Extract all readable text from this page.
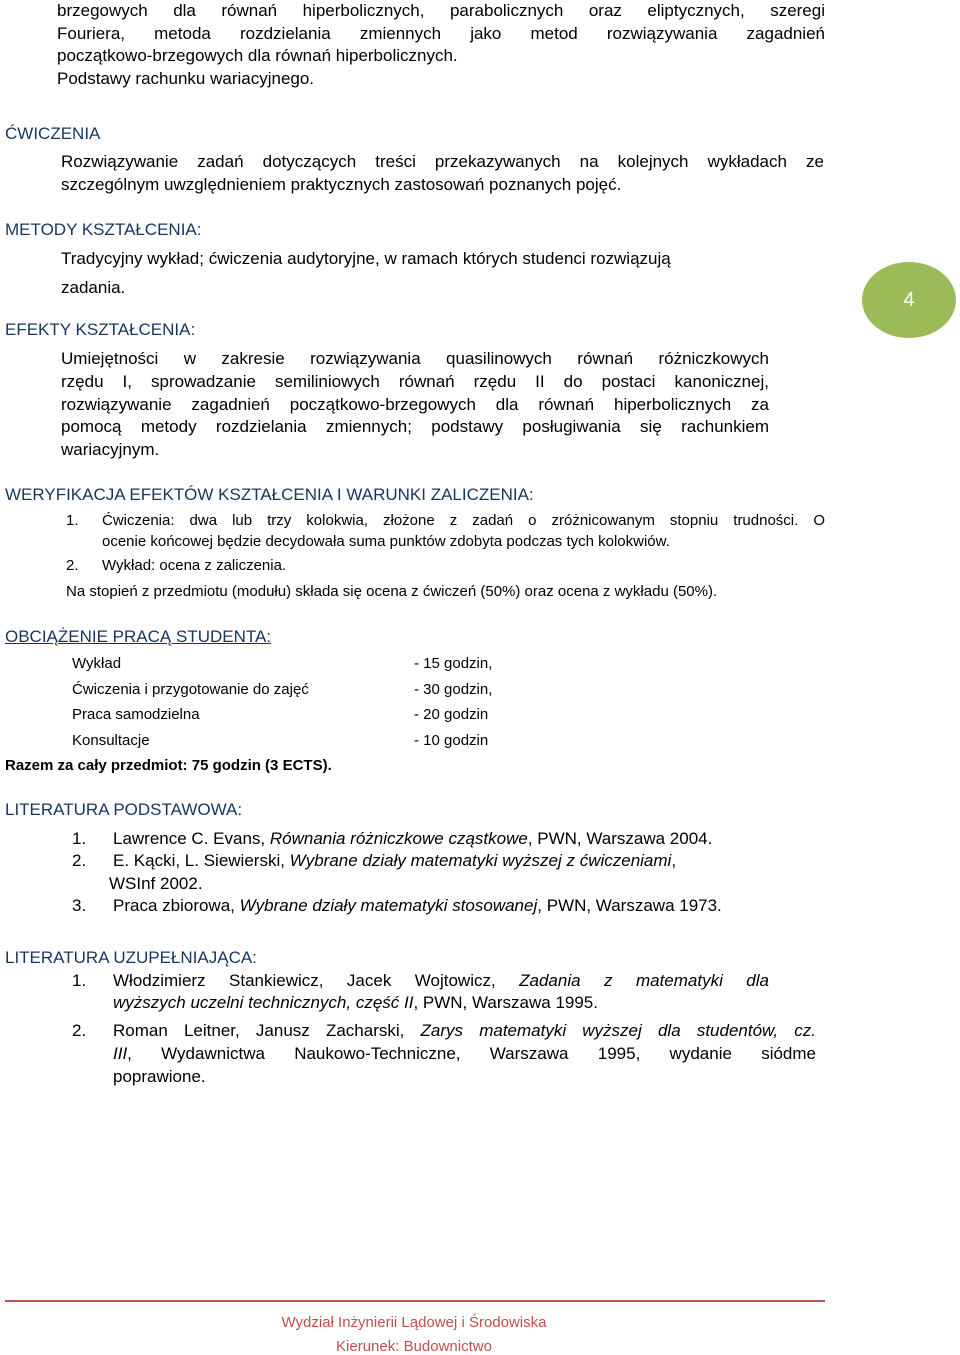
brzegowych dla równań hiperbolicznych, parabolicznych oraz eliptycznych, szeregi
Fouriera, metoda rozdzielania zmiennych jako metod rozwiązywania zagadnień
początkowo-brzegowych dla równań hiperbolicznych.
Podstawy rachunku wariacyjnego.
ĆWICZENIA
Rozwiązywanie zadań dotyczących treści przekazywanych na kolejnych wykładach ze
szczególnym uwzględnieniem praktycznych zastosowań poznanych pojęć.
METODY KSZTAŁCENIA:
Tradycyjny wykład; ćwiczenia audytoryjne, w ramach których studenci rozwiązują
zadania.
4
EFEKTY KSZTAŁCENIA:
Umiejętności w zakresie rozwiązywania quasilinowych równań różniczkowych
rzędu I, sprowadzanie semiliniowych równań rzędu II do postaci kanonicznej,
rozwiązywanie zagadnień początkowo-brzegowych dla równań hiperbolicznych za
pomocą metody rozdzielania zmiennych; podstawy posługiwania się rachunkiem
wariacyjnym.
WERYFIKACJA EFEKTÓW KSZTAŁCENIA I WARUNKI ZALICZENIA:
1. Ćwiczenia: dwa lub trzy kolokwia, złożone z zadań o zróżnicowanym stopniu trudności. O
ocenie końcowej będzie decydowała suma punktów zdobyta podczas tych kolokwiów.
2. Wykład: ocena z zaliczenia.
Na stopień z przedmiotu (modułu) składa się ocena z ćwiczeń (50%) oraz ocena z wykładu (50%).
OBCIĄŻENIE PRACĄ STUDENTA:
Wykład	- 15 godzin,
Ćwiczenia i przygotowanie do zajęć	- 30 godzin,
Praca samodzielna	- 20 godzin
Konsultacje	- 10 godzin
Razem za cały przedmiot: 75 godzin (3 ECTS).
LITERATURA PODSTAWOWA:
1. Lawrence C. Evans, Równania różniczkowe cząstkowe, PWN, Warszawa 2004.
2. E. Kącki, L. Siewierski, Wybrane działy matematyki wyższej z ćwiczeniami,
WSInf 2002.
3. Praca zbiorowa, Wybrane działy matematyki stosowanej, PWN, Warszawa 1973.
LITERATURA UZUPEŁNIAJĄCA:
1. Włodzimierz Stankiewicz, Jacek Wojtowicz, Zadania z matematyki dla
wyższych uczelni technicznych, część II, PWN, Warszawa 1995.
2. Roman Leitner, Janusz Zacharski, Zarys matematyki wyższej dla studentów, cz.
III, Wydawnictwa Naukowo-Techniczne, Warszawa 1995, wydanie siódme
poprawione.
Wydział Inżynierii Lądowej i Środowiska
Kierunek: Budownictwo
